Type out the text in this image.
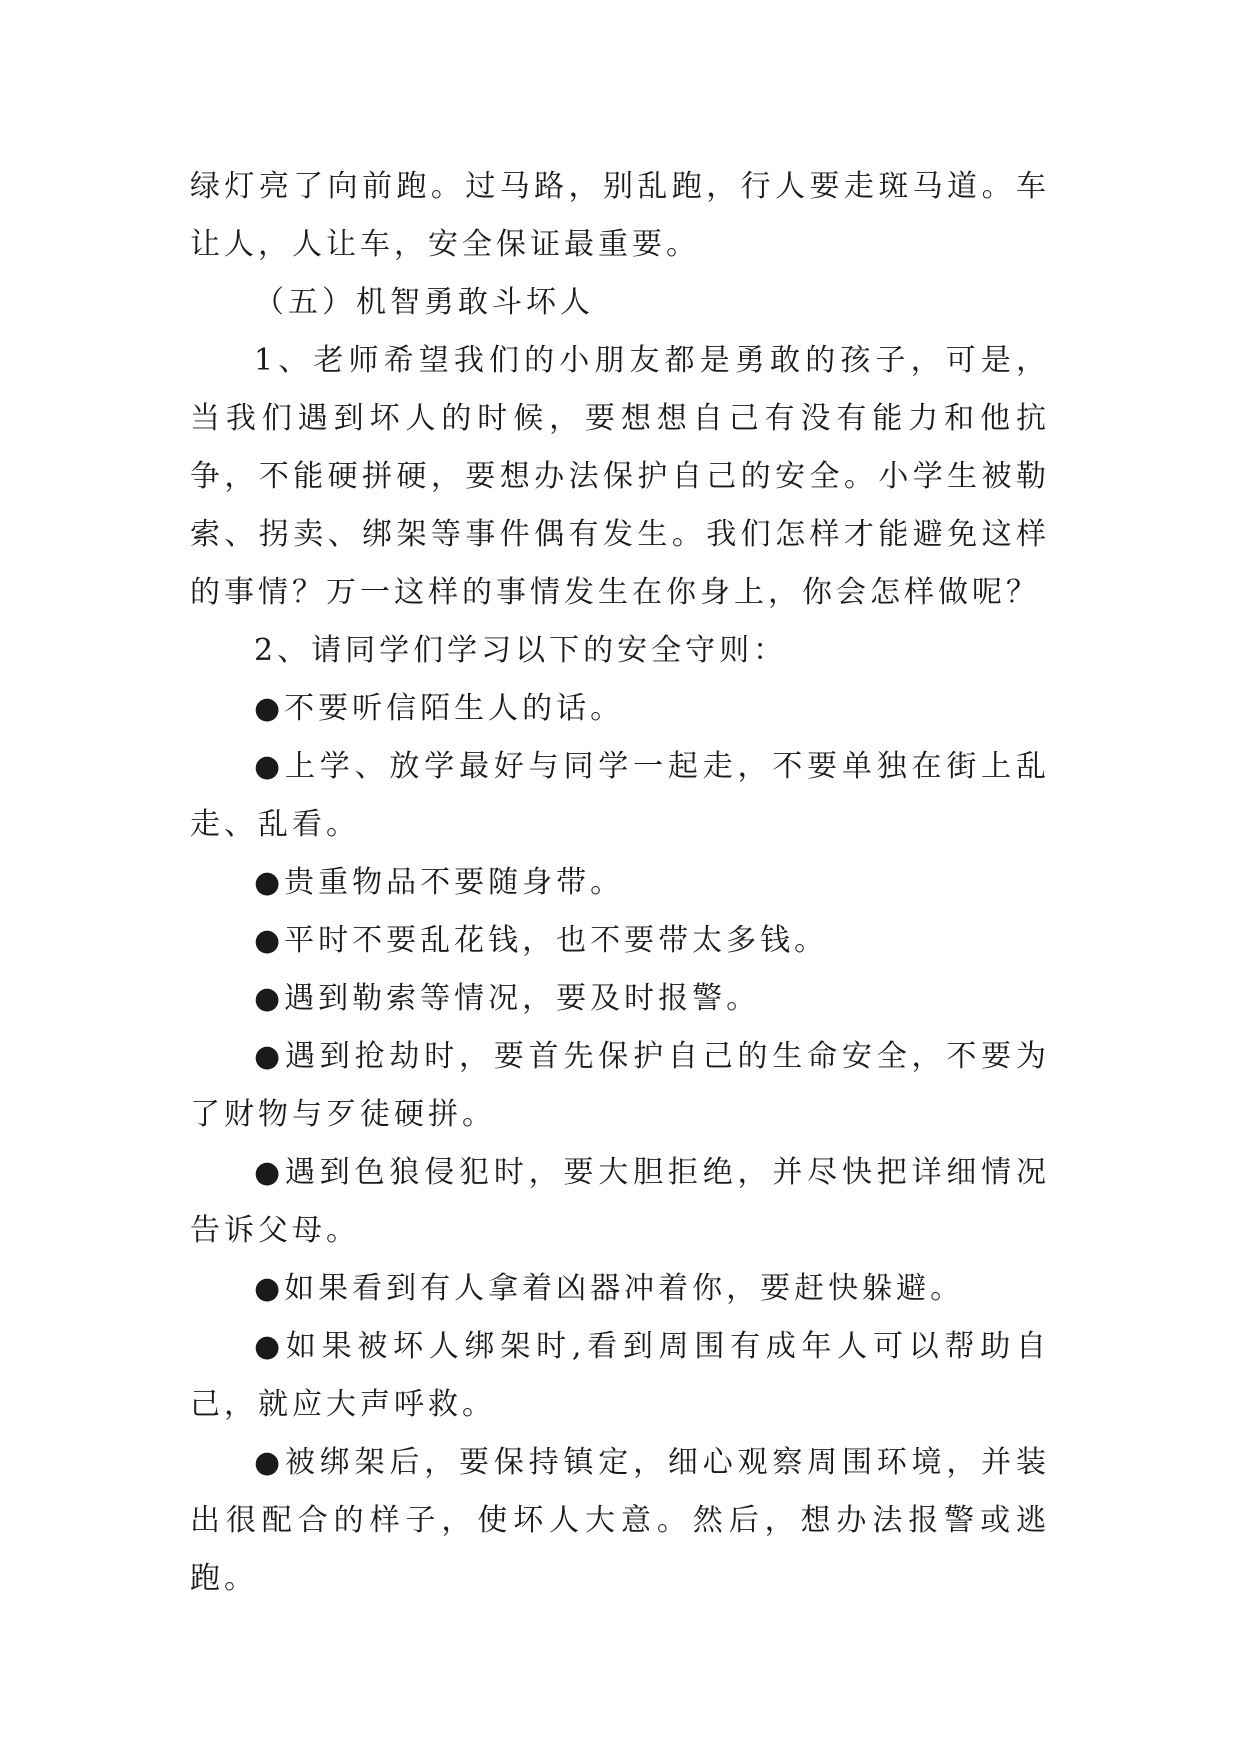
绿灯亮了向前跑。过马路，别乱跑，行人要走斑马道。车让人，人让车，安全保证最重要。

（五）机智勇敢斗坏人

1、老师希望我们的小朋友都是勇敢的孩子，可是，当我们遇到坏人的时候，要想想自己有没有能力和他抗争，不能硬拼硬，要想办法保护自己的安全。小学生被勒索、拐卖、绑架等事件偶有发生。我们怎样才能避免这样的事情？万一这样的事情发生在你身上，你会怎样做呢？

2、请同学们学习以下的安全守则：

●不要听信陌生人的话。

●上学、放学最好与同学一起走，不要单独在街上乱走、乱看。

●贵重物品不要随身带。

●平时不要乱花钱，也不要带太多钱。

●遇到勒索等情况，要及时报警。

●遇到抢劫时，要首先保护自己的生命安全，不要为了财物与歹徒硬拼。

●遇到色狼侵犯时，要大胆拒绝，并尽快把详细情况告诉父母。

●如果看到有人拿着凶器冲着你，要赶快躲避。

●如果被坏人绑架时,看到周围有成年人可以帮助自己，就应大声呼救。

●被绑架后，要保持镇定，细心观察周围环境，并装出很配合的样子，使坏人大意。然后，想办法报警或逃跑。
